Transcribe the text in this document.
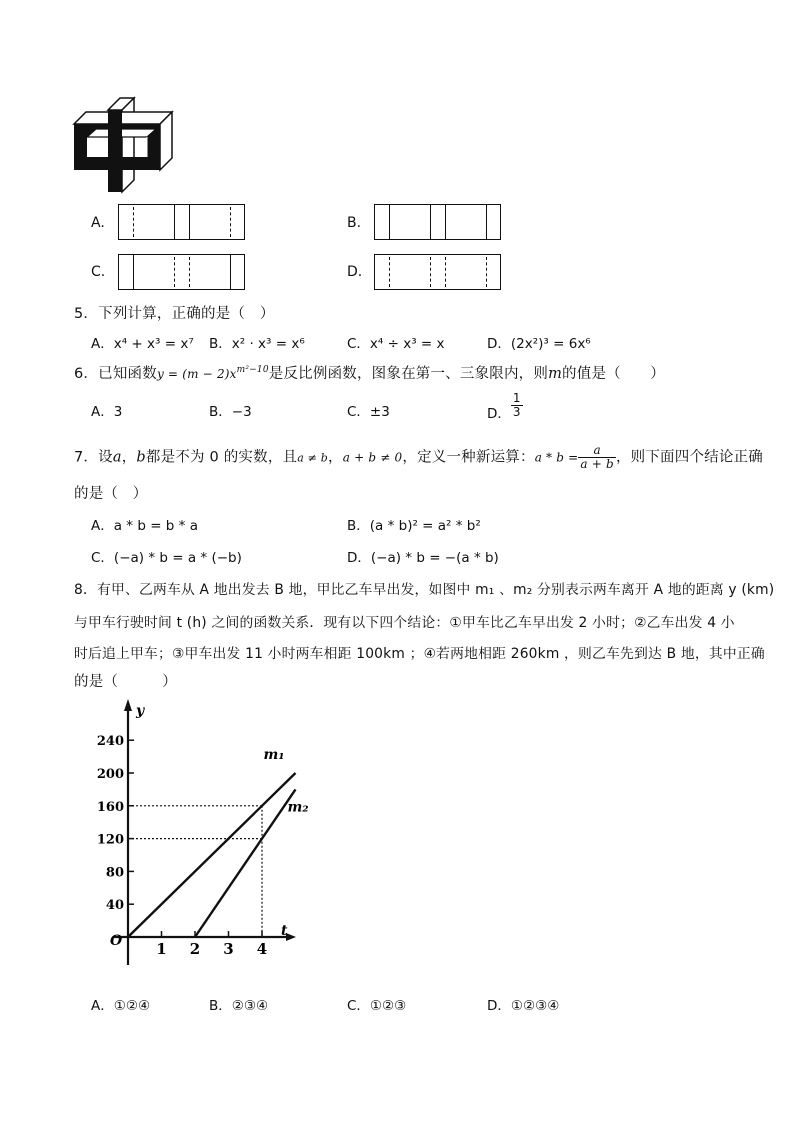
中
A.	B.
C.	D.
5．下列计算，正确的是（　）
A．x⁴ + x³ = x⁷ B．x² · x³ = x⁶	C．x⁴ ÷ x³ = x	D．(2x²)³ = 6x⁶
6．已知函数$y = (m - 2)x^{m^2-10}$是反比例函数，图象在第一、三象限内，则m的值是（　　）
A．3	B．−3	C．±3	D． $\frac{1}{3}$
7．设a，b都是不为 0 的实数，且a ≠ b，a + b ≠ 0，定义一种新运算：$a * b = \frac{a}{a + b}$ ，则下面四个结论正确
的是（　）
A．a * b = b * a	B．(a * b)² = a² * b²
C．(−a) * b = a * (−b)	D．(−a) * b = −(a * b)
8．有甲、乙两车从 A 地出发去 B 地，甲比乙车早出发，如图中 m₁ 、m₂ 分别表示两车离开 A 地的距离 y (km)
与甲车行驶时间 t (h) 之间的函数关系．现有以下四个结论：①甲车比乙车早出发 2 小时；②乙车出发 4 小
时后追上甲车；③甲车出发 11 小时两车相距 100km ；④若两地相距 260km ，则乙车先到达 B 地，其中正确
的是（　　　）
y
t
O
40
80
120
160
200
240
1 2 3 4
m₁
m₂
A．①②④	B．②③④	C．①②③	D．①②③④
